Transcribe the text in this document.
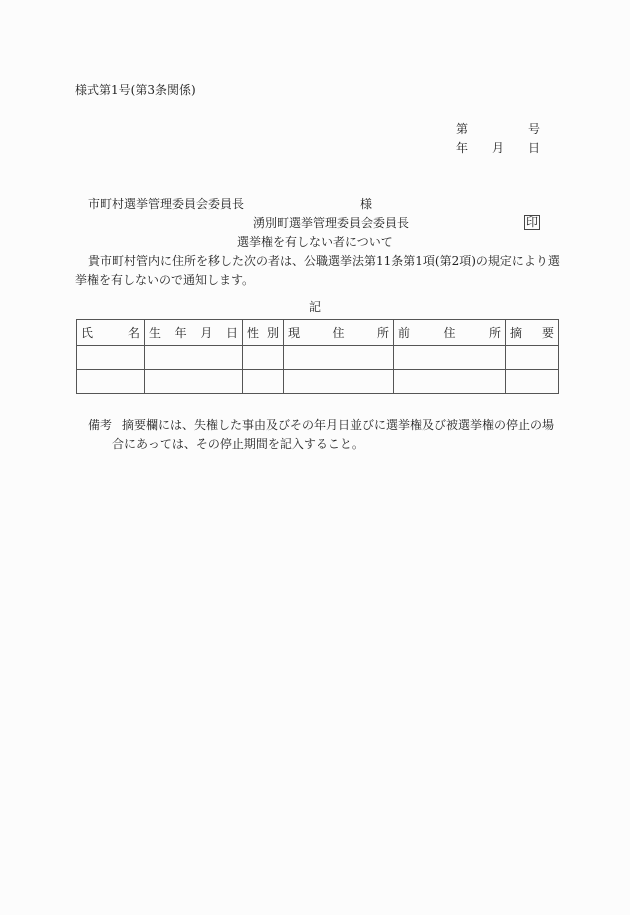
様式第1号(第3条関係)
第	号
年 月 日
市町村選挙管理委員会委員長	様
湧別町選挙管理委員会委員長	印
選挙権を有しない者について
貴市町村管内に住所を移した次の者は、公職選挙法第11条第1項(第2項)の規定により選
挙権を有しないので通知します。
記
氏 名	生 年 月 日	性 別	現 住 所	前 住 所	摘 要

備考 摘要欄には、失権した事由及びその年月日並びに選挙権及び被選挙権の停止の場
合にあっては、その停止期間を記入すること。
